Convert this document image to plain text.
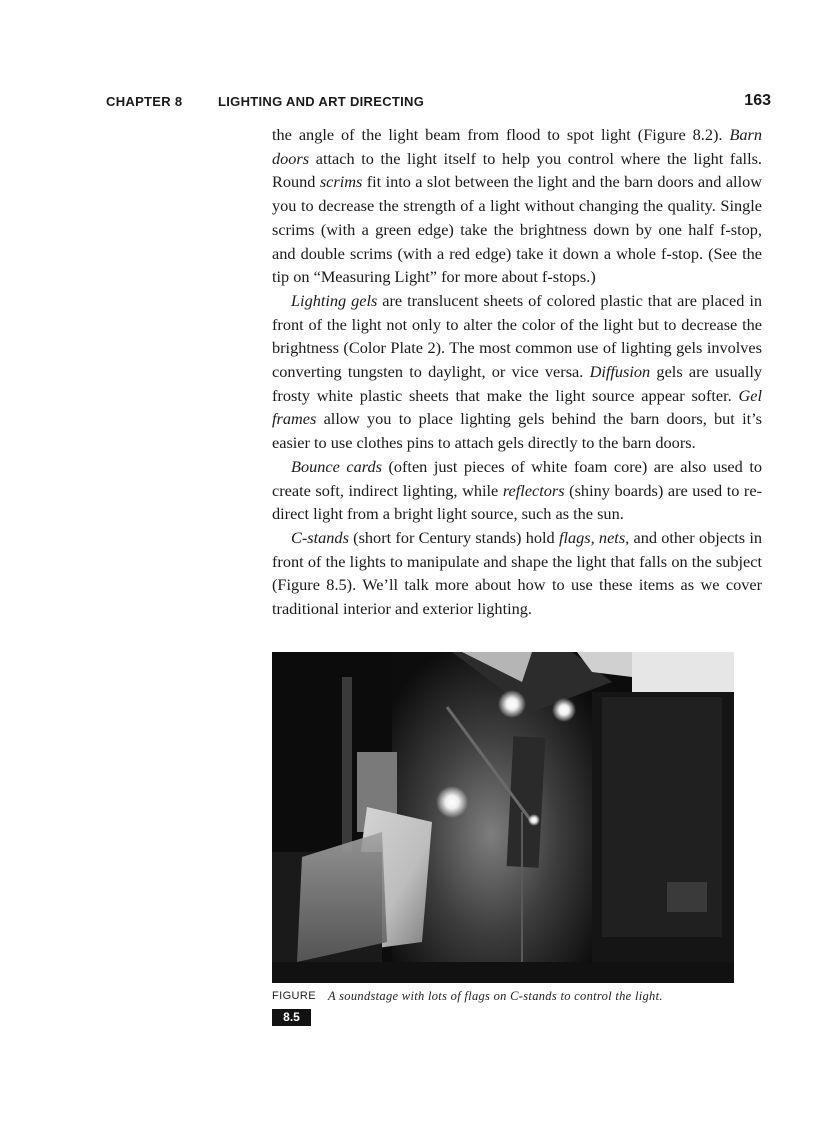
CHAPTER 8	LIGHTING AND ART DIRECTING	163

the angle of the light beam from flood to spot light (Figure 8.2). Barn doors attach to the light itself to help you control where the light falls. Round scrims fit into a slot between the light and the barn doors and allow you to decrease the strength of a light without changing the quality. Single scrims (with a green edge) take the brightness down by one half f-stop, and double scrims (with a red edge) take it down a whole f-stop. (See the tip on “Measuring Light” for more about f-stops.)

Lighting gels are translucent sheets of colored plastic that are placed in front of the light not only to alter the color of the light but to decrease the brightness (Color Plate 2). The most common use of lighting gels involves converting tungsten to daylight, or vice versa. Diffusion gels are usually frosty white plastic sheets that make the light source appear softer. Gel frames allow you to place lighting gels behind the barn doors, but it’s easier to use clothes pins to attach gels directly to the barn doors.

Bounce cards (often just pieces of white foam core) are also used to create soft, indirect lighting, while reflectors (shiny boards) are used to re-direct light from a bright light source, such as the sun.

C-stands (short for Century stands) hold flags, nets, and other objects in front of the lights to manipulate and shape the light that falls on the subject (Figure 8.5). We’ll talk more about how to use these items as we cover traditional interior and exterior lighting.

FIGURE
8.5
A soundstage with lots of flags on C-stands to control the light.
